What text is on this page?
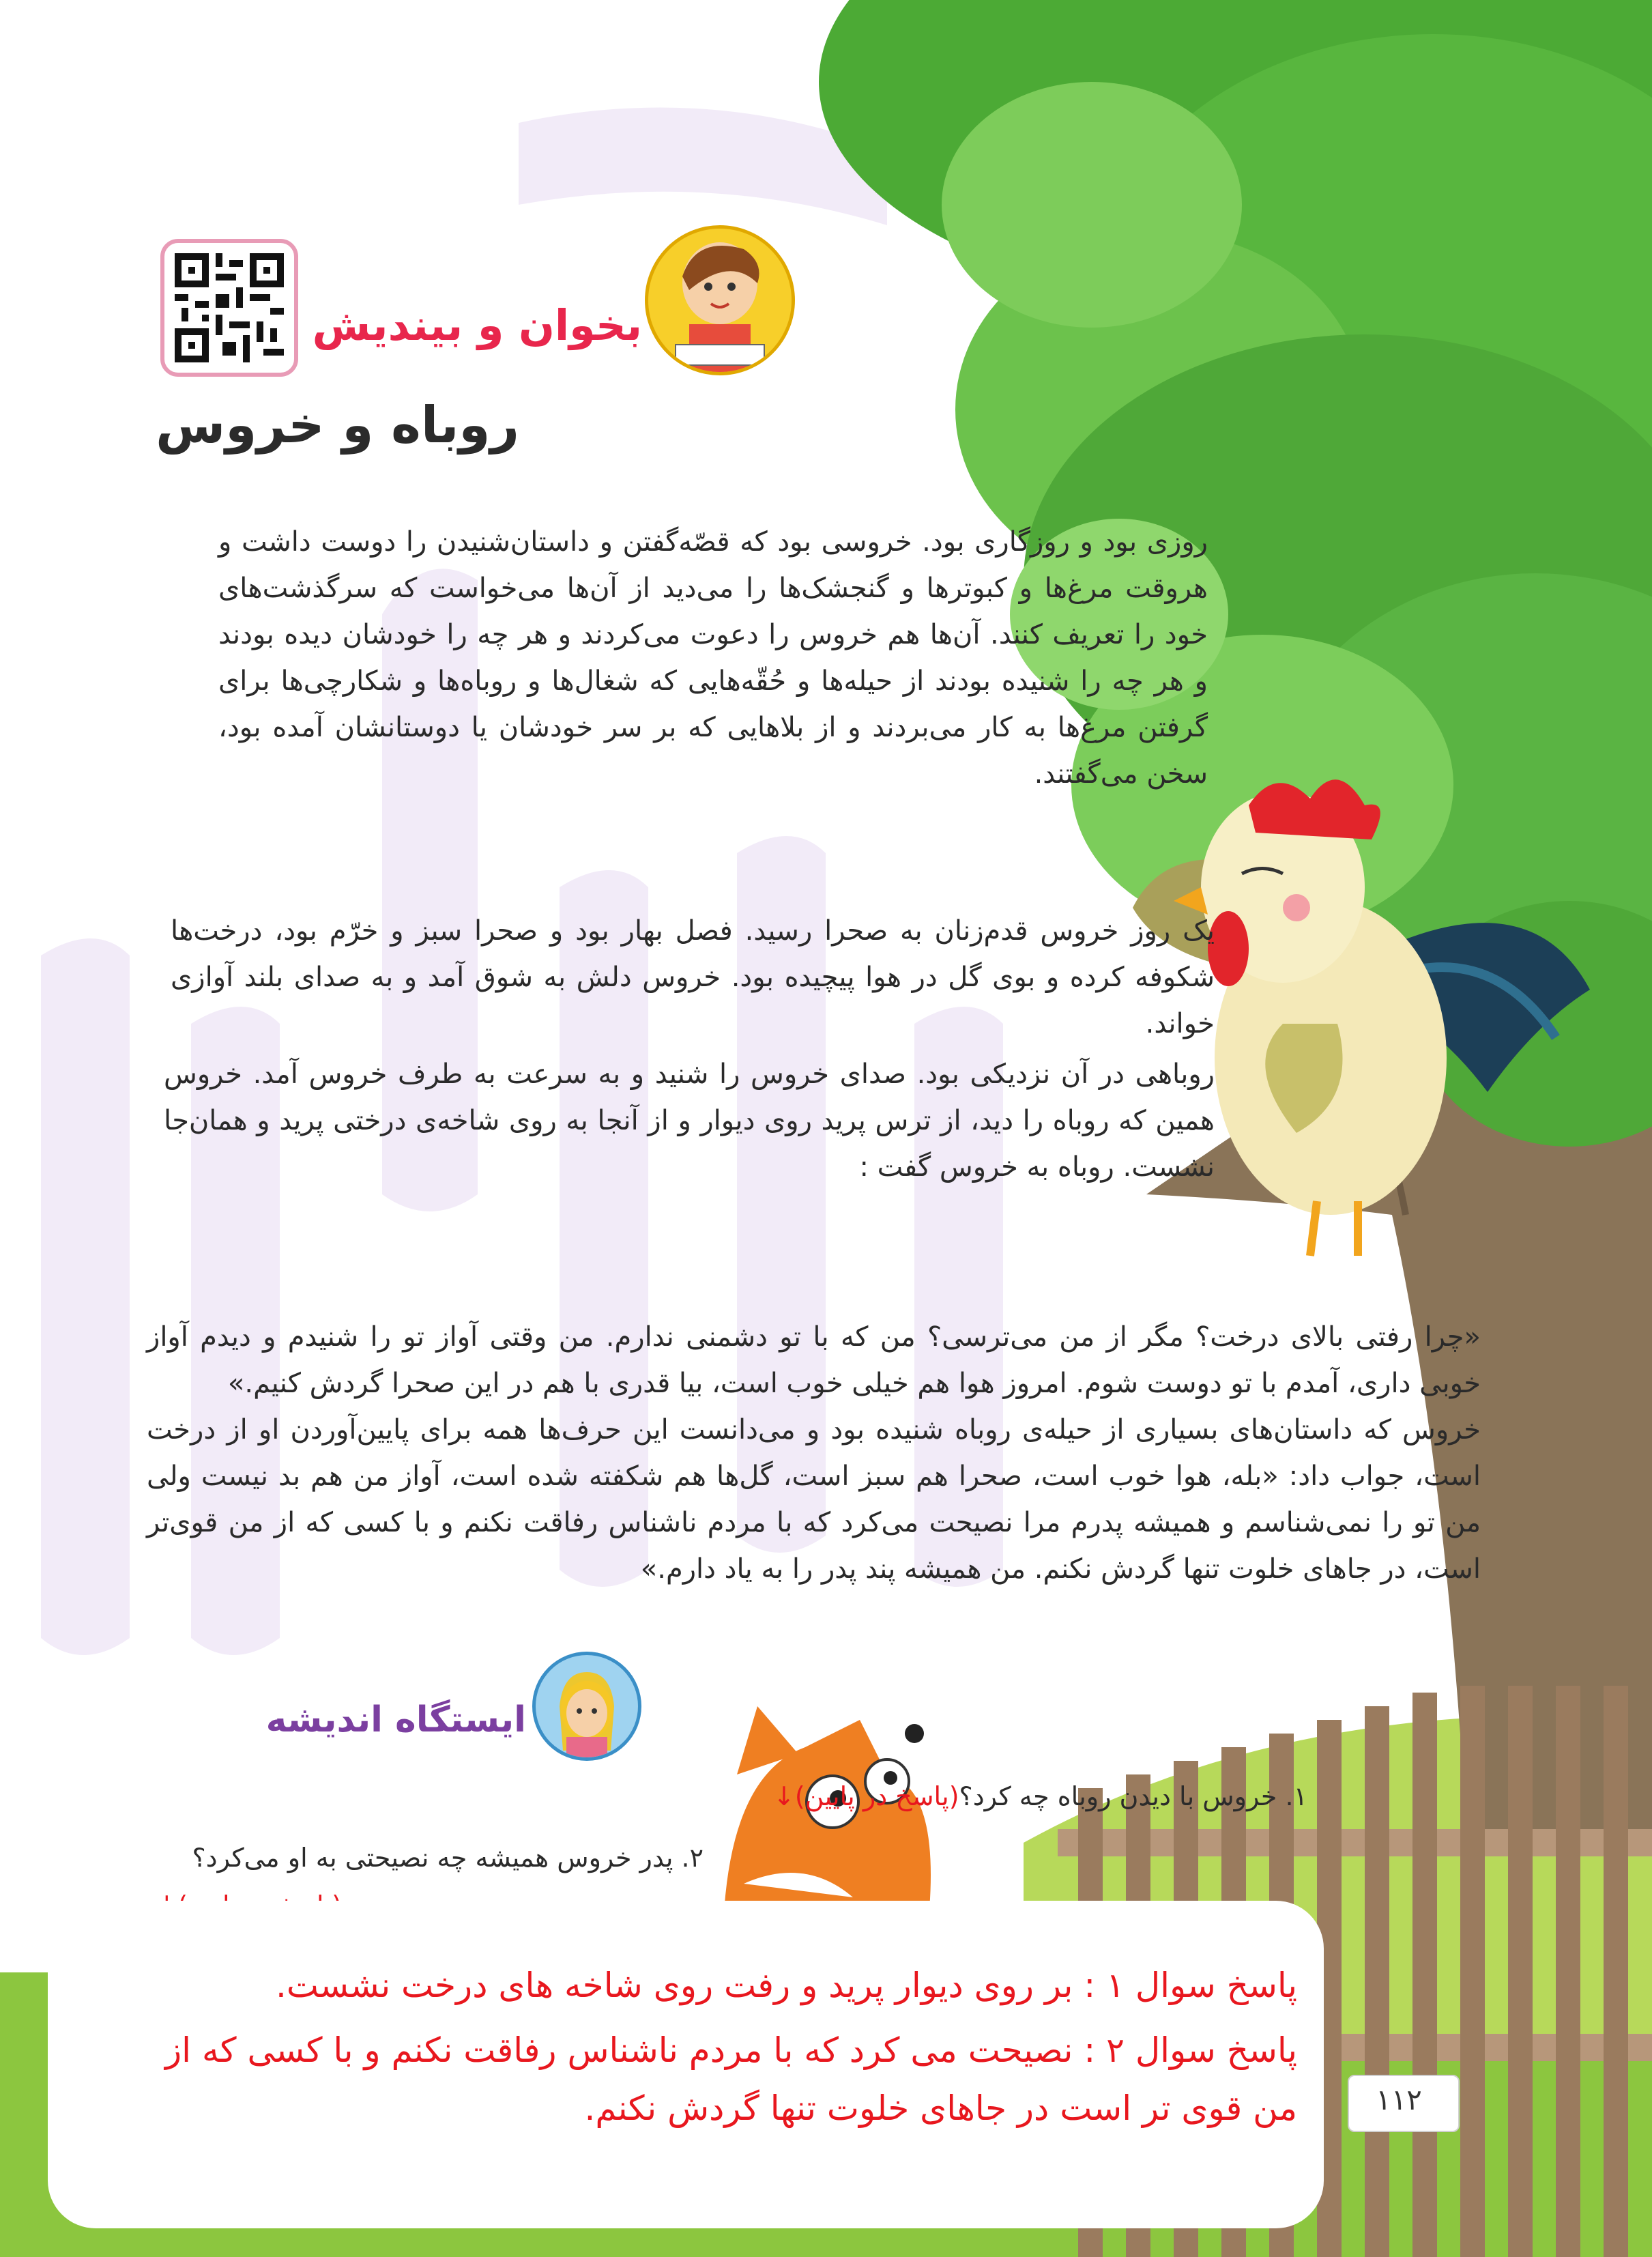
بخوان و بیندیش
روباه و خروس

روزی بود و روزگاری بود. خروسی بود که قصّه‌گفتن و داستان‌شنیدن را دوست داشت و هروقت مرغ‌ها و کبوترها و گنجشک‌ها را می‌دید از آن‌ها می‌خواست که سرگذشت‌های خود را تعریف کنند. آن‌ها هم خروس را دعوت می‌کردند و هر چه را خودشان دیده بودند و هر چه را شنیده بودند از حیله‌ها و حُقّه‌هایی که شغال‌ها و روباه‌ها و شکارچی‌ها برای گرفتن مرغ‌ها به کار می‌بردند و از بلاهایی که بر سر خودشان یا دوستانشان آمده بود، سخن می‌گفتند.

یک روز خروس قدم‌زنان به صحرا رسید. فصل بهار بود و صحرا سبز و خرّم بود، درخت‌ها شکوفه کرده و بوی گل در هوا پیچیده بود. خروس دلش به شوق آمد و به صدای بلند آوازی خواند.

روباهی در آن نزدیکی بود. صدای خروس را شنید و به سرعت به طرف خروس آمد. خروس همین که روباه را دید، از ترس پرید روی دیوار و از آنجا به روی شاخه‌ی درختی پرید و همان‌جا نشست. روباه به خروس گفت :

«چرا رفتی بالای درخت؟ مگر از من می‌ترسی؟ من که با تو دشمنی ندارم. من وقتی آواز تو را شنیدم و دیدم آواز خوبی داری، آمدم با تو دوست شوم. امروز هوا هم خیلی خوب است، بیا قدری با هم در این صحرا گردش کنیم.»

خروس که داستان‌های بسیاری از حیله‌ی روباه شنیده بود و می‌دانست این حرف‌ها همه برای پایین‌آوردن او از درخت است، جواب داد: «بله، هوا خوب است، صحرا هم سبز است، گل‌ها هم شکفته شده است، آواز من هم بد نیست ولی من تو را نمی‌شناسم و همیشه پدرم مرا نصیحت می‌کرد که با مردم ناشناس رفاقت نکنم و با کسی که از من قوی‌تر است، در جاهای خلوت تنها گردش نکنم. من همیشه پند پدر را به یاد دارم.»

ایستگاه اندیشه
۱. خروس با دیدن روباه چه کرد؟(پاسخ در پایین)↓
۲. پدر خروس همیشه چه نصیحتی به او می‌کرد؟
پاسخ سوال ۱ : بر روی دیوار پرید و رفت روی شاخه های درخت نشست.
پاسخ سوال ۲ : نصیحت می کرد که با مردم ناشناس رفاقت نکنم و با کسی که از
من قوی تر است در جاهای خلوت تنها گردش نکنم.	۱۱۲
